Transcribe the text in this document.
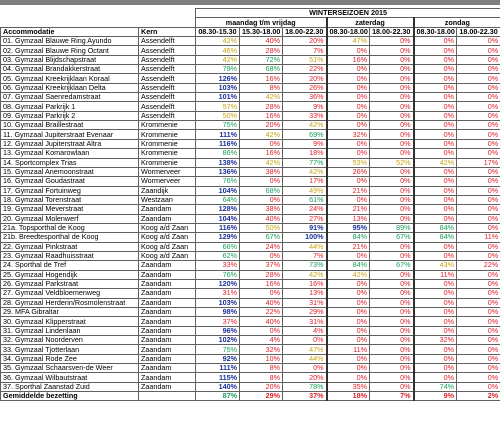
		WINTERSEIZOEN 2015						
		maandag t/m vrijdag			zaterdag		zondag	
Accommodatie	Kern	08.30-15.30	15.30-18.00	18.00-22.30	08.30-18.00	18.00-22.30	08.30-18.00	18.00-22.30
01. Gymzaal Blauwe Ring Ayundo	Assendelft	42%	40%	20%	47%	0%	0%	0%
02. Gymzaal Blauwe Ring Octant	Assendelft	46%	28%	7%	0%	0%	0%	0%
03. Gymzaal Blijdschapstraat	Assendelft	42%	72%	51%	16%	0%	0%	0%
04. Gymzaal Brandakkerstraat	Assendelft	79%	68%	22%	0%	0%	0%	0%
05. Gymzaal Kreekrijklaan Koraal	Assendelft	126%	16%	20%	0%	0%	0%	0%
06. Gymzaal Kreekrijklaan Delta	Assendelft	103%	8%	26%	0%	0%	0%	0%
07. Gymzaal Saenredamstraat	Assendelft	101%	42%	36%	0%	0%	0%	0%
08. Gymzaal Parkrijk 1	Assendelft	57%	28%	9%	0%	0%	0%	0%
09. Gymzaal Parkrijk 2	Assendelft	50%	16%	33%	0%	0%	0%	0%
10. Gymzaal Braillestraat	Krommenie	75%	20%	42%	0%	0%	0%	0%
11. Gymzaal Jupiterstraat Evenaar	Krommenie	111%	42%	69%	32%	0%	0%	0%
12. Gymzaal Jupiterstraat Altra	Krommenie	116%	0%	9%	0%	0%	0%	0%
13. Gymzaal Komarowlaan	Krommenie	86%	16%	18%	0%	0%	0%	0%
14. Sportcomplex Trias	Krommenie	138%	42%	77%	53%	52%	42%	17%
15. Gymzaal Anemoonstraat	Wormerveer	136%	38%	42%	26%	0%	0%	0%
16. Gymzaal Goudastraat	Wormerveer	76%	0%	17%	0%	0%	0%	0%
17. Gymzaal Fortuinweg	Zaandijk	104%	68%	49%	21%	0%	0%	0%
18. Gymzaal Torenstraat	Westzaan	64%	0%	61%	0%	0%	0%	0%
19. Gymzaal Meverstraat	Zaandam	128%	38%	24%	21%	0%	0%	0%
20. Gymzaal Molenwerf	Zaandam	104%	40%	27%	13%	0%	0%	0%
21a. Topsporthal de Koog	Koog a/d Zaan	116%	50%	91%	95%	89%	84%	0%
21b. Breedtesporthal de Koog	Koog a/d Zaan	129%	67%	100%	84%	67%	84%	11%
22. Gymzaal Pinkstraat	Koog a/d Zaan	66%	24%	44%	21%	0%	0%	0%
23. Gymzaal Raadhuisstraat	Koog a/d Zaan	62%	0%	7%	0%	0%	0%	0%
24. Sporthal de Tref	Zaandam	33%	37%	73%	84%	67%	43%	22%
25. Gymzaal Hogendijk	Zaandam	76%	28%	42%	42%	0%	11%	0%
26. Gymzaal Parkstraat	Zaandam	120%	16%	16%	0%	0%	0%	0%
27. Gymzaal Veldbloemenweg	Zaandam	31%	0%	13%	0%	0%	0%	0%
28. Gymzaal Herderin/Rosmolenstraat	Zaandam	103%	40%	31%	0%	0%	0%	0%
29. MFA Gibraltar	Zaandam	98%	22%	29%	0%	0%	0%	0%
30. Gymzaal Klipperstraat	Zaandam	37%	40%	31%	0%	0%	0%	0%
31. Gymzaal Lindenlaan	Zaandam	96%	0%	4%	0%	0%	0%	0%
32. Gymzaal Noorderven	Zaandam	102%	4%	0%	0%	0%	32%	0%
33. Gymzaal Tjotterlaan	Zaandam	75%	32%	47%	11%	0%	0%	0%
34. Gymzaal Rode Zee	Zaandam	92%	10%	44%	0%	0%	0%	0%
35. Gymzaal Schaarsven-de Weer	Zaandam	111%	8%	0%	0%	0%	0%	0%
36. Gymzaal Wilbautstraat	Zaandam	115%	8%	20%	0%	0%	0%	0%
37. Sporthal Zaanstad Zuid	Zaandam	140%	20%	78%	35%	0%	74%	0%
Gemiddelde bezetting		87%	29%	37%	18%	7%	9%	2%
